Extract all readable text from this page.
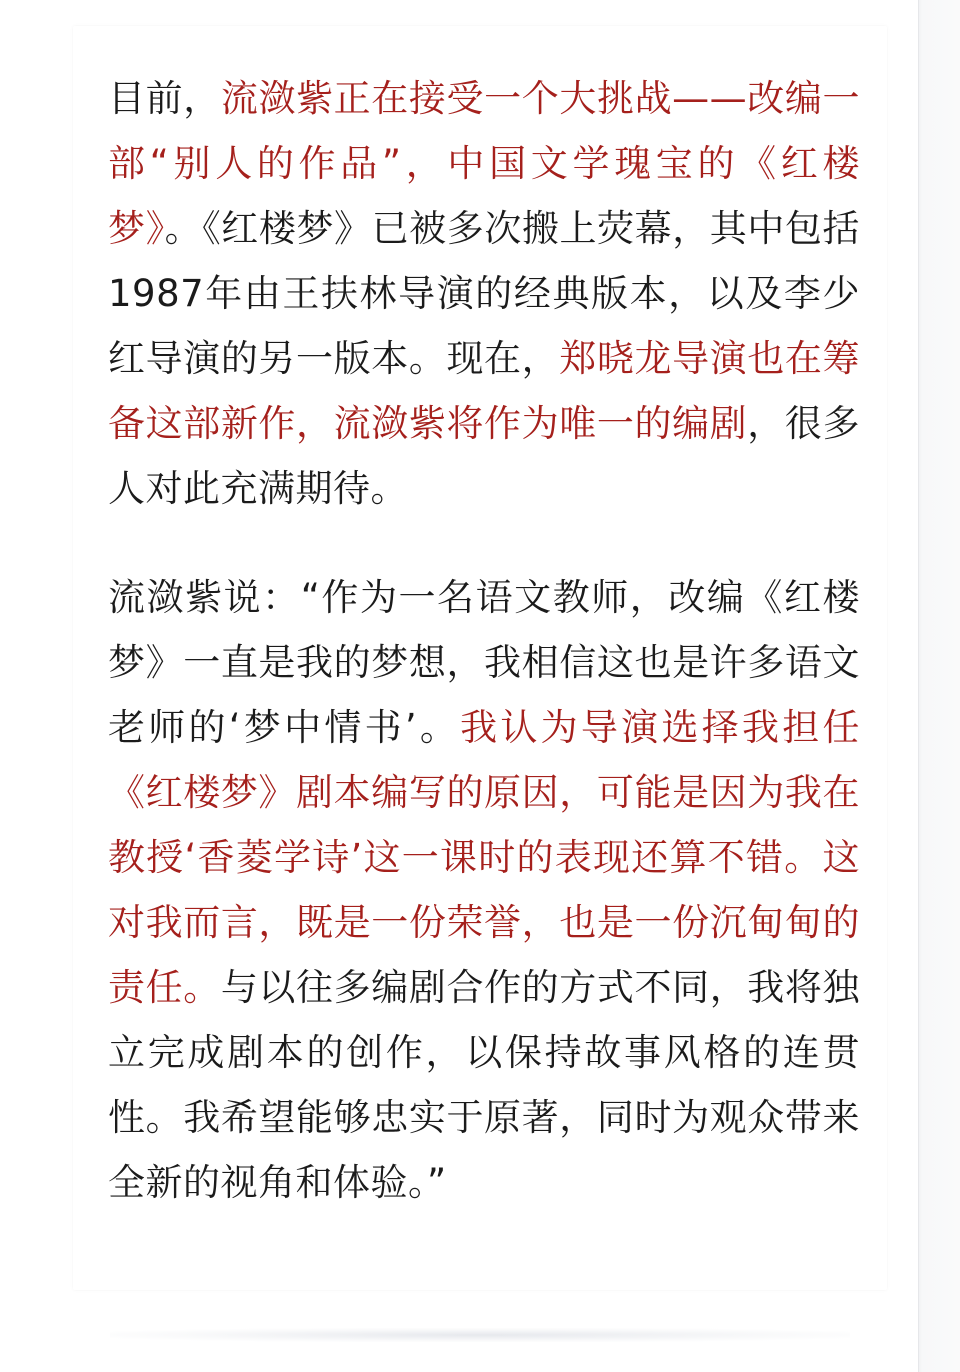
目前，流潋紫正在接受一个大挑战——改编一部“别人的作品”，中国文学瑰宝的《红楼梦》。《红楼梦》已被多次搬上荧幕，其中包括1987年由王扶林导演的经典版本，以及李少红导演的另一版本。现在，郑晓龙导演也在筹备这部新作，流潋紫将作为唯一的编剧，很多人对此充满期待。

流潋紫说：“作为一名语文教师，改编《红楼梦》一直是我的梦想，我相信这也是许多语文老师的‘梦中情书’。我认为导演选择我担任《红楼梦》剧本编写的原因，可能是因为我在教授‘香菱学诗’这一课时的表现还算不错。这对我而言，既是一份荣誉，也是一份沉甸甸的责任。与以往多编剧合作的方式不同，我将独立完成剧本的创作，以保持故事风格的连贯性。我希望能够忠实于原著，同时为观众带来全新的视角和体验。”
